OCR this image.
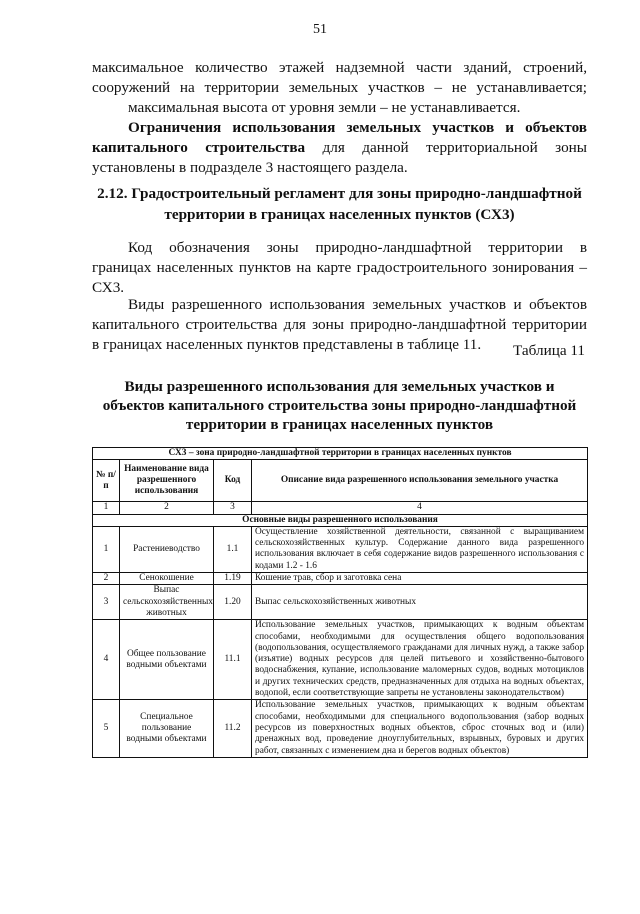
51
максимальное количество этажей надземной части зданий, строений,
сооружений на территории земельных участков – не устанавливается;
максимальная высота от уровня земли – не устанавливается.
Ограничения использования земельных участков и объектов
капитального строительства для данной территориальной зоны
установлены в подразделе 3 настоящего раздела.
2.12. Градостроительный регламент для зоны природно-ландшафтной
территории в границах населенных пунктов (СХ3)
Код обозначения зоны природно-ландшафтной территории в
границах населенных пунктов на карте градостроительного зонирования –
СХ3.
Виды разрешенного использования земельных участков и объектов
капитального строительства для зоны природно-ландшафтной территории
в границах населенных пунктов представлены в таблице 11.	Таблица 11
Виды разрешенного использования для земельных участков и
объектов капитального строительства зоны природно-ландшафтной
территории в границах населенных пунктов
СХ3 – зона природно-ландшафтной территории в границах населенных пунктов			
№ п/п	Наименование вида разрешенного использования	Код	Описание вида разрешенного использования земельного участка
1	2	3	4
Основные виды разрешенного использования			
1	Растениеводство	1.1	Осуществление хозяйственной деятельности, связанной с выращиванием сельскохозяйственных культур. Содержание данного вида разрешенного использования включает в себя содержание видов разрешенного использования с кодами 1.2 - 1.6
2	Сенокошение	1.19	Кошение трав, сбор и заготовка сена
3	Выпас сельскохозяйственных животных	1.20	Выпас сельскохозяйственных животных
4	Общее пользование водными объектами	11.1	Использование земельных участков, примыкающих к водным объектам способами, необходимыми для осуществления общего водопользования (водопользования, осуществляемого гражданами для личных нужд, а также забор (изъятие) водных ресурсов для целей питьевого и хозяйственно-бытового водоснабжения, купание, использование маломерных судов, водных мотоциклов и других технических средств, предназначенных для отдыха на водных объектах, водопой, если соответствующие запреты не установлены законодательством)
5	Специальное пользование водными объектами	11.2	Использование земельных участков, примыкающих к водным объектам способами, необходимыми для специального водопользования (забор водных ресурсов из поверхностных водных объектов, сброс сточных вод и (или) дренажных вод, проведение дноуглубительных, взрывных, буровых и других работ, связанных с изменением дна и берегов водных объектов)
